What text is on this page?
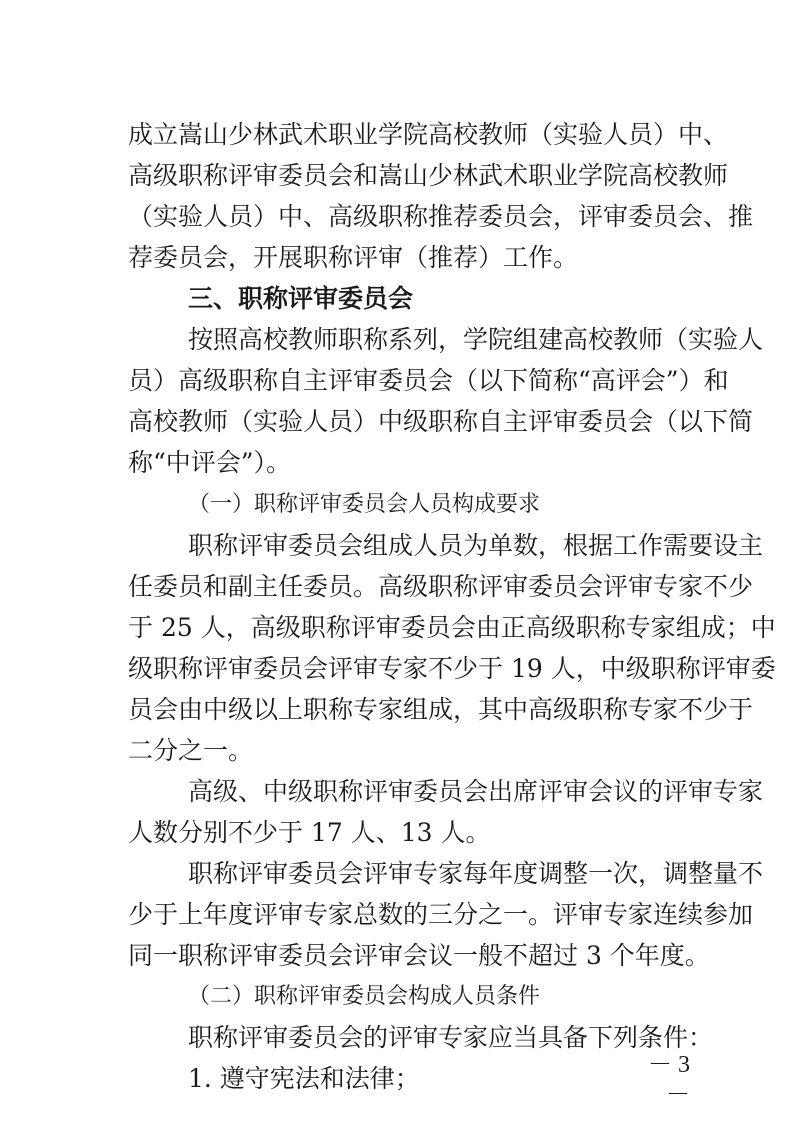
成立嵩山少林武术职业学院高校教师（实验人员）中、
高级职称评审委员会和嵩山少林武术职业学院高校教师
（实验人员）中、高级职称推荐委员会，评审委员会、推
荐委员会，开展职称评审（推荐）工作。
三、职称评审委员会
按照高校教师职称系列，学院组建高校教师（实验人
员）高级职称自主评审委员会（以下简称“高评会”）和
高校教师（实验人员）中级职称自主评审委员会（以下简
称“中评会”）。
（一）职称评审委员会人员构成要求
职称评审委员会组成人员为单数，根据工作需要设主
任委员和副主任委员。高级职称评审委员会评审专家不少
于 25 人，高级职称评审委员会由正高级职称专家组成；中
级职称评审委员会评审专家不少于 19 人，中级职称评审委
员会由中级以上职称专家组成，其中高级职称专家不少于
二分之一。
高级、中级职称评审委员会出席评审会议的评审专家
人数分别不少于 17 人、13 人。
职称评审委员会评审专家每年度调整一次，调整量不
少于上年度评审专家总数的三分之一。评审专家连续参加
同一职称评审委员会评审会议一般不超过 3 个年度。
（二）职称评审委员会构成人员条件
职称评审委员会的评审专家应当具备下列条件：
1. 遵守宪法和法律；	－ 3 －
